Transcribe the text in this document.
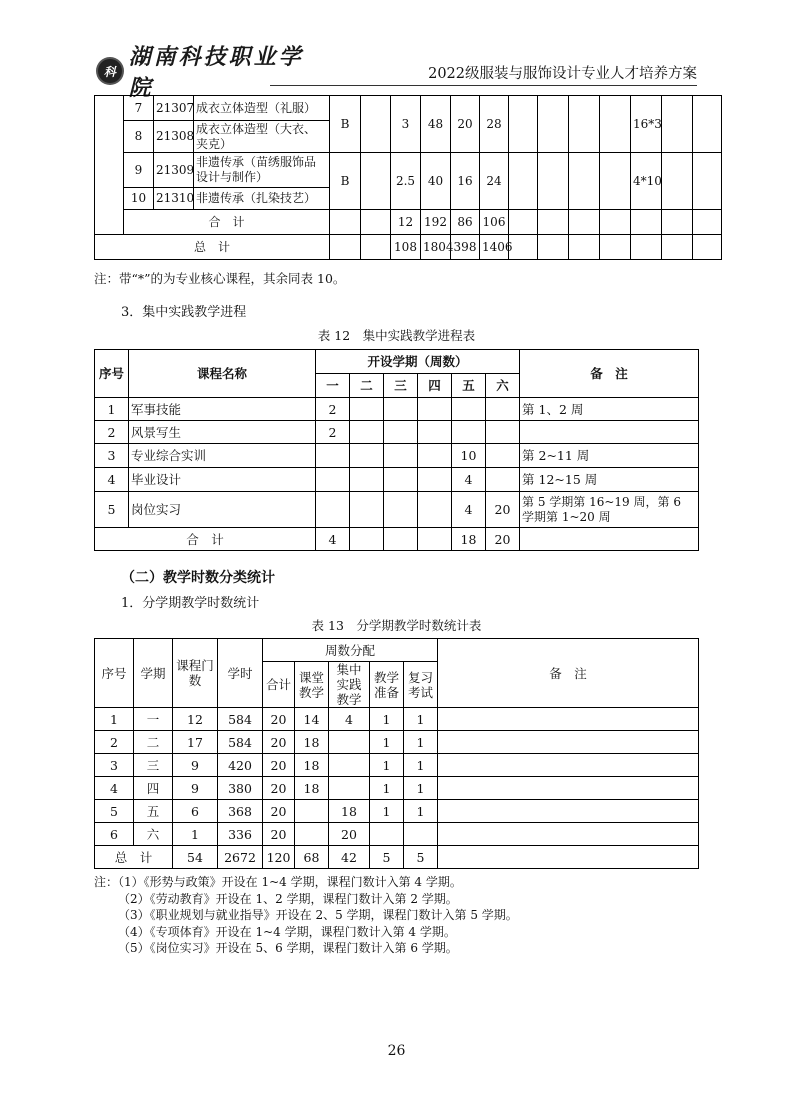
科
湖南科技职业学院
2022级服装与服饰设计专业人才培养方案
	7	21307	成衣立体造型（礼服）	B		3	48	20	28					16*3		
	8	21308	成衣立体造型（大衣、夹克）													
	9	21309	非遗传承（苗绣服饰品设计与制作）	B		2.5	40	16	24					4*10		
	10	21310	非遗传承（扎染技艺）													
	合　计					12	192	86	106							
总　计						108	1804	398	1406							
注：带“*”的为专业核心课程，其余同表 10。
3．集中实践教学进程
表 12　集中实践教学进程表
序号	课程名称	开设学期（周数）						备　注
		一	二	三	四	五	六	
1	军事技能	2						第 1、2 周
2	风景写生	2						
3	专业综合实训					10		第 2~11 周
4	毕业设计					4		第 12~15 周
5	岗位实习					4	20	第 5 学期第 16~19 周，第 6 学期第 1~20 周
合　计		4				18	20	
（二）教学时数分类统计
1．分学期教学时数统计
表 13　分学期教学时数统计表
序号	学期	课程门数	学时	周数分配					备　注
				合计	课堂教学	集中实践教学	教学准备	复习考试	
1	一	12	584	20	14	4	1	1	
2	二	17	584	20	18		1	1	
3	三	9	420	20	18		1	1	
4	四	9	380	20	18		1	1	
5	五	6	368	20		18	1	1	
6	六	1	336	20		20			
总　计		54	2672	120	68	42	5	5	
注：（1）《形势与政策》开设在 1~4 学期，课程门数计入第 4 学期。
（2）《劳动教育》开设在 1、2 学期，课程门数计入第 2 学期。
（3）《职业规划与就业指导》开设在 2、5 学期，课程门数计入第 5 学期。
（4）《专项体育》开设在 1~4 学期，课程门数计入第 4 学期。
（5）《岗位实习》开设在 5、6 学期，课程门数计入第 6 学期。
26
